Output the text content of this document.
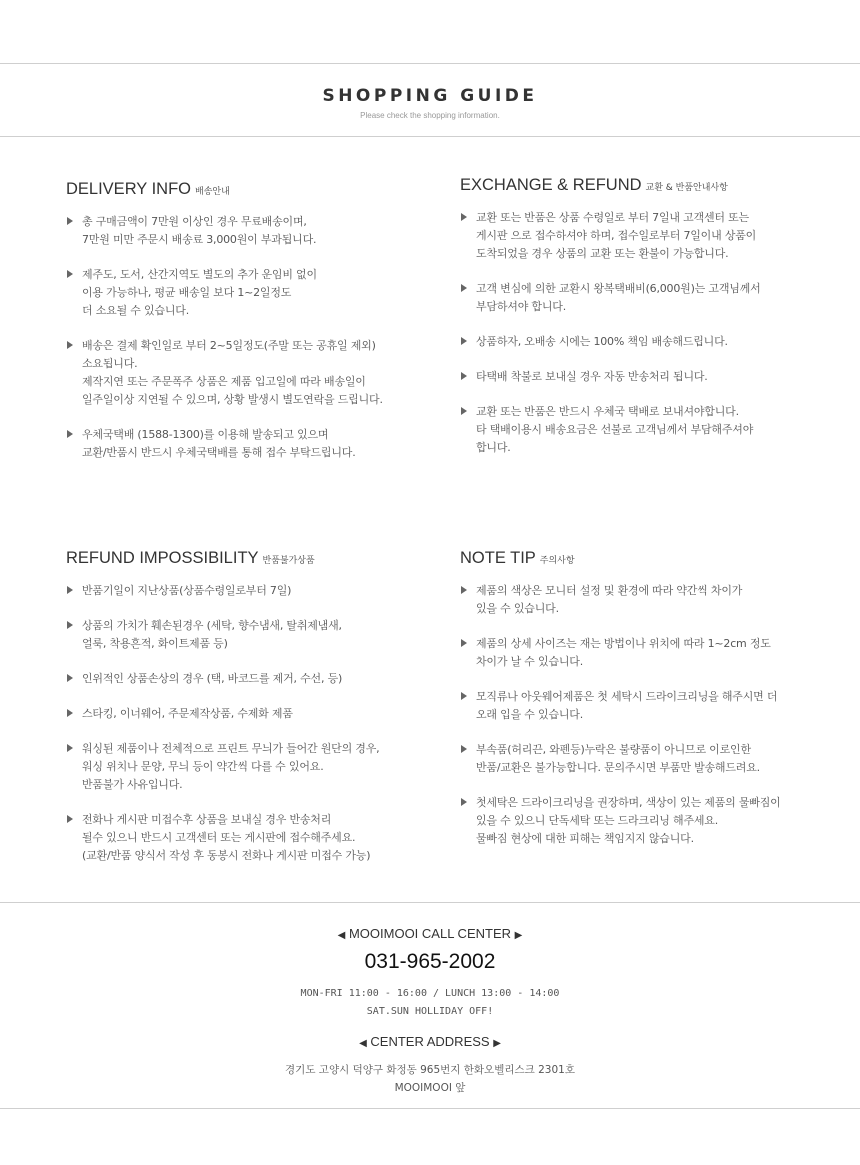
SHOPPING GUIDE
Please check the shopping information.
DELIVERY INFO 배송안내
총 구매금액이 7만원 이상인 경우 무료배송이며,
7만원 미만 주문시 배송료 3,000원이 부과됩니다.
제주도, 도서, 산간지역도 별도의 추가 운임비 없이
이용 가능하나, 평균 배송일 보다 1~2일정도
더 소요될 수 있습니다.
배송은 결제 확인일로 부터 2~5일정도(주말 또는 공휴일 제외)
소요됩니다.
제작지연 또는 주문폭주 상품은 제품 입고일에 따라 배송일이
일주일이상 지연될 수 있으며, 상황 발생시 별도연락을 드립니다.
우체국택배 (1588-1300)를 이용해 발송되고 있으며
교환/반품시 반드시 우체국택배를 통해 접수 부탁드립니다.
EXCHANGE & REFUND 교환 & 반품안내사항
교환 또는 반품은 상품 수령일로 부터 7일내 고객센터 또는
게시판 으로 접수하셔야 하며, 접수일로부터 7일이내 상품이
도착되었을 경우 상품의 교환 또는 환불이 가능합니다.
고객 변심에 의한 교환시 왕복택배비(6,000원)는 고객님께서
부담하셔야 합니다.
상품하자, 오배송 시에는 100% 책임 배송해드립니다.
타택배 착불로 보내실 경우 자동 반송처리 됩니다.
교환 또는 반품은 반드시 우체국 택배로 보내셔야합니다.
타 택배이용시 배송요금은 선불로 고객님께서 부담해주셔야
합니다.
REFUND IMPOSSIBILITY 반품불가상품
반품기일이 지난상품(상품수령일로부터 7일)
상품의 가치가 훼손된경우 (세탁, 향수냄새, 탈취제냄새,
얼룩, 착용흔적, 화이트제품 등)
인위적인 상품손상의 경우 (택, 바코드를 제거, 수선, 등)
스타킹, 이너웨어, 주문제작상품, 수제화 제품
워싱된 제품이나 전체적으로 프린트 무늬가 들어간 원단의 경우,
워싱 위치나 문양, 무늬 등이 약간씩 다를 수 있어요.
반품불가 사유입니다.
전화나 게시판 미접수후 상품을 보내실 경우 반송처리
될수 있으니 반드시 고객센터 또는 게시판에 접수해주세요.
(교환/반품 양식서 작성 후 동봉시 전화나 게시판 미접수 가능)
NOTE TIP 주의사항
제품의 색상은 모니터 설정 및 환경에 따라 약간씩 차이가
있을 수 있습니다.
제품의 상세 사이즈는 재는 방법이나 위치에 따라 1~2cm 정도
차이가 날 수 있습니다.
모직류나 아웃웨어제품은 첫 세탁시 드라이크리닝을 해주시면 더
오래 입을 수 있습니다.
부속품(허리끈, 와펜등)누락은 불량품이 아니므로 이로인한
반품/교환은 불가능합니다. 문의주시면 부품만 발송해드려요.
첫세탁은 드라이크리닝을 권장하며, 색상이 있는 제품의 물빠짐이
있을 수 있으니 단독세탁 또는 드라크리닝 해주세요.
물빠짐 현상에 대한 피해는 책임지지 않습니다.
◀ MOOIMOOI CALL CENTER ▶
031-965-2002
MON-FRI 11:00 - 16:00 / LUNCH 13:00 - 14:00
SAT.SUN HOLLIDAY OFF!
◀ CENTER ADDRESS ▶
경기도 고양시 덕양구 화정동 965번지 한화오벨리스크 2301호
MOOIMOOI 앞
